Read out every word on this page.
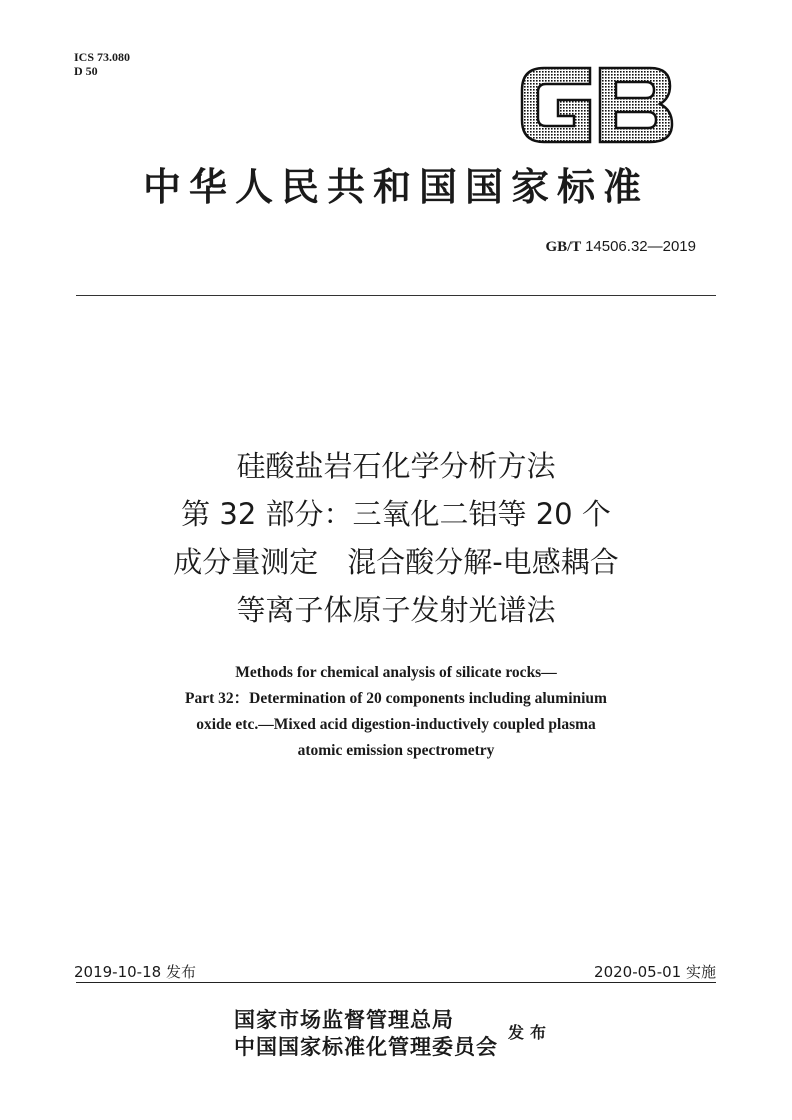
ICS 73.080
D 50
中华人民共和国国家标准
GB/T 14506.32—2019
硅酸盐岩石化学分析方法
第 32 部分：三氧化二铝等 20 个
成分量测定　混合酸分解-电感耦合
等离子体原子发射光谱法
Methods for chemical analysis of silicate rocks—
Part 32：Determination of 20 components including aluminium
oxide etc.—Mixed acid digestion-inductively coupled plasma
atomic emission spectrometry
2019-10-18 发布	2020-05-01 实施
国家市场监督管理总局
中国国家标准化管理委员会
发布
